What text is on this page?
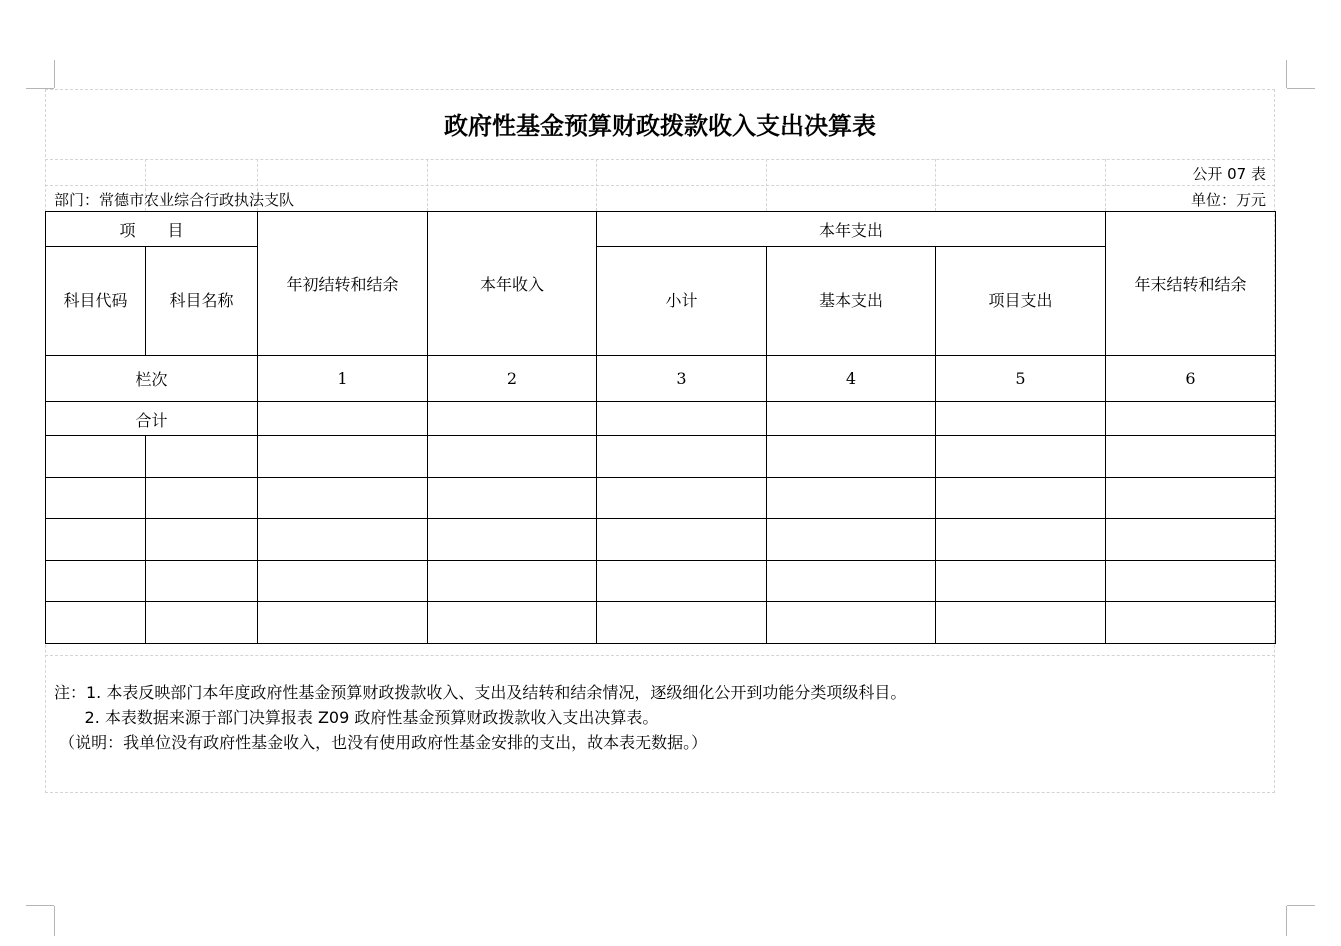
政府性基金预算财政拨款收入支出决算表
公开 07 表
部门：常德市农业综合行政执法支队	单位：万元
项　　目		年初结转和结余	本年收入	本年支出			年末结转和结余
科目代码	科目名称			小计	基本支出	项目支出	
栏次		1	2	3	4	5	6
合计							

注：1. 本表反映部门本年度政府性基金预算财政拨款收入、支出及结转和结余情况，逐级细化公开到功能分类项级科目。
2. 本表数据来源于部门决算报表 Z09 政府性基金预算财政拨款收入支出决算表。
（说明：我单位没有政府性基金收入，也没有使用政府性基金安排的支出，故本表无数据。）
